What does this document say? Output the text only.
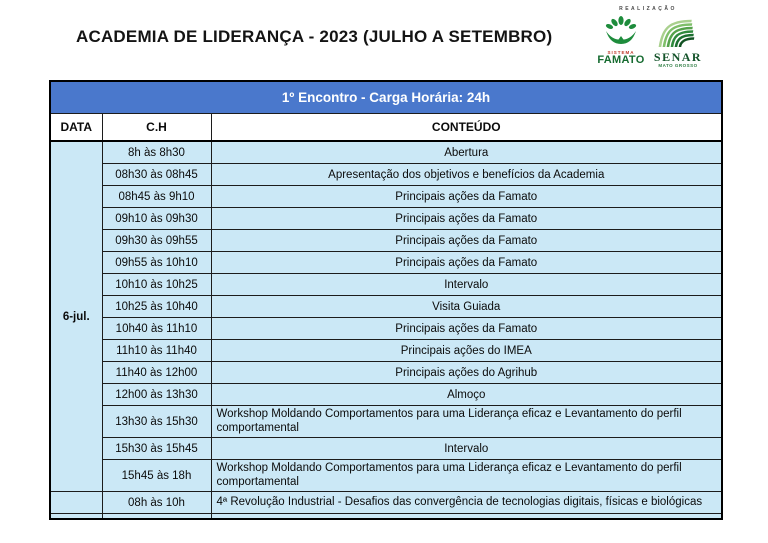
ACADEMIA DE LIDERANÇA - 2023 (JULHO A SETEMBRO)
REALIZAÇÃO
SISTEMA
FAMATO SENAR
MATO GROSSO
1º Encontro - Carga Horária: 24h		
DATA	C.H	CONTEÚDO
6-jul.	8h às 8h30	Abertura
	08h30 às 08h45	Apresentação dos objetivos e benefícios da Academia
	08h45 às 9h10	Principais ações da Famato
	09h10 às 09h30	Principais ações da Famato
	09h30 às 09h55	Principais ações da Famato
	09h55 às 10h10	Principais ações da Famato
	10h10 às 10h25	Intervalo
	10h25 às 10h40	Visita Guiada
	10h40 às 11h10	Principais ações da Famato
	11h10 às 11h40	Principais ações do IMEA
	11h40 às 12h00	Principais ações do Agrihub
	12h00 às 13h30	Almoço
	13h30 às 15h30	Workshop Moldando Comportamentos para uma Liderança eficaz e Levantamento do perfil comportamental
	15h30 às 15h45	Intervalo
	15h45 às 18h	Workshop Moldando Comportamentos para uma Liderança eficaz e Levantamento do perfil comportamental
	08h às 10h	4ª Revolução Industrial - Desafios das convergência de tecnologias digitais, físicas e biológicas
